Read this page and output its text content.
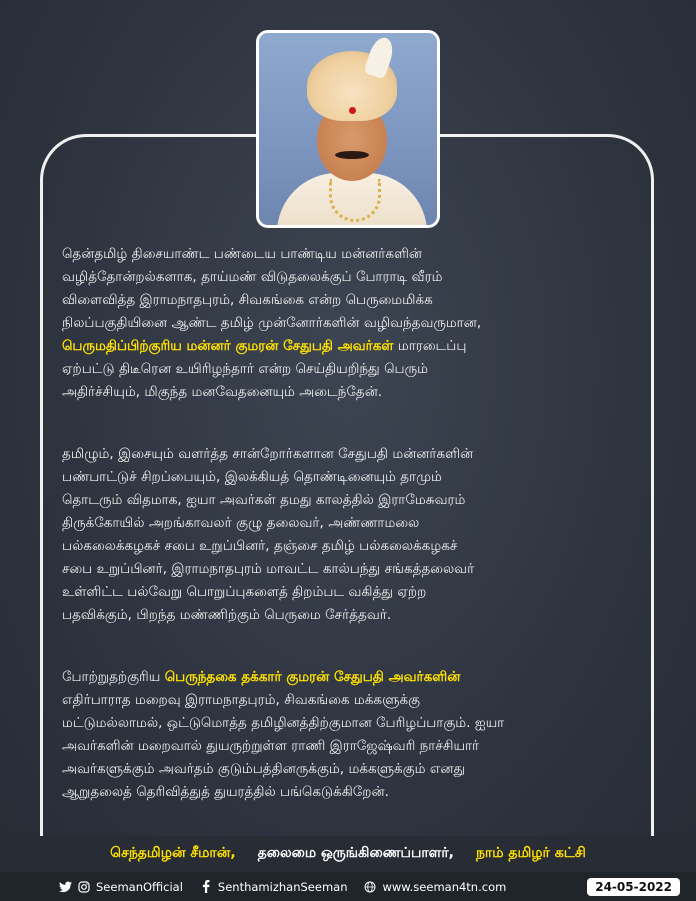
தென்தமிழ் திசையாண்ட பண்டைய பாண்டிய மன்னர்களின்
வழித்தோன்றல்களாக, தாய்மண் விடுதலைக்குப் போராடி வீரம்
விளைவித்த இராமநாதபுரம், சிவகங்கை என்ற பெருமைமிக்க
நிலப்பகுதியினை ஆண்ட தமிழ் முன்னோர்களின் வழிவந்தவருமான,
பெருமதிப்பிற்குரிய மன்னர் குமரன் சேதுபதி அவர்கள் மாரடைப்பு
ஏற்பட்டு திடீரென உயிரிழந்தார் என்ற செய்தியறிந்து பெரும்
அதிர்ச்சியும், மிகுந்த மனவேதனையும் அடைந்தேன்.
தமிழும், இசையும் வளர்த்த சான்றோர்களான சேதுபதி மன்னர்களின்
பண்பாட்டுச் சிறப்பையும், இலக்கியத் தொண்டினையும் தாமும்
தொடரும் விதமாக, ஐயா அவர்கள் தமது காலத்தில் இராமேசுவரம்
திருக்கோயில் அறங்காவலர் குழு தலைவர், அண்ணாமலை
பல்கலைக்கழகச் சபை உறுப்பினர், தஞ்சை தமிழ் பல்கலைக்கழகச்
சபை உறுப்பினர், இராமநாதபுரம் மாவட்ட கால்பந்து சங்கத்தலைவர்
உள்ளிட்ட பல்வேறு பொறுப்புகளைத் திறம்பட வகித்து ஏற்ற
பதவிக்கும், பிறந்த மண்ணிற்கும் பெருமை சேர்த்தவர்.
போற்றுதற்குரிய பெருந்தகை தக்கார் குமரன் சேதுபதி அவர்களின்
எதிர்பாராத மறைவு இராமநாதபுரம், சிவகங்கை மக்களுக்கு
மட்டுமல்லாமல், ஒட்டுமொத்த தமிழினத்திற்குமான பேரிழப்பாகும். ஐயா
அவர்களின் மறைவால் துயருற்றுள்ள ராணி இராஜேஷ்வரி நாச்சியார்
அவர்களுக்கும் அவர்தம் குடும்பத்தினருக்கும், மக்களுக்கும் எனது
ஆறுதலைத் தெரிவித்துத் துயரத்தில் பங்கெடுக்கிறேன்.
செந்தமிழன் சீமான், தலைமை ஒருங்கிணைப்பாளர், நாம் தமிழர் கட்சி
SeemanOfficial	SenthamizhanSeeman	www.seeman4tn.com	24-05-2022
